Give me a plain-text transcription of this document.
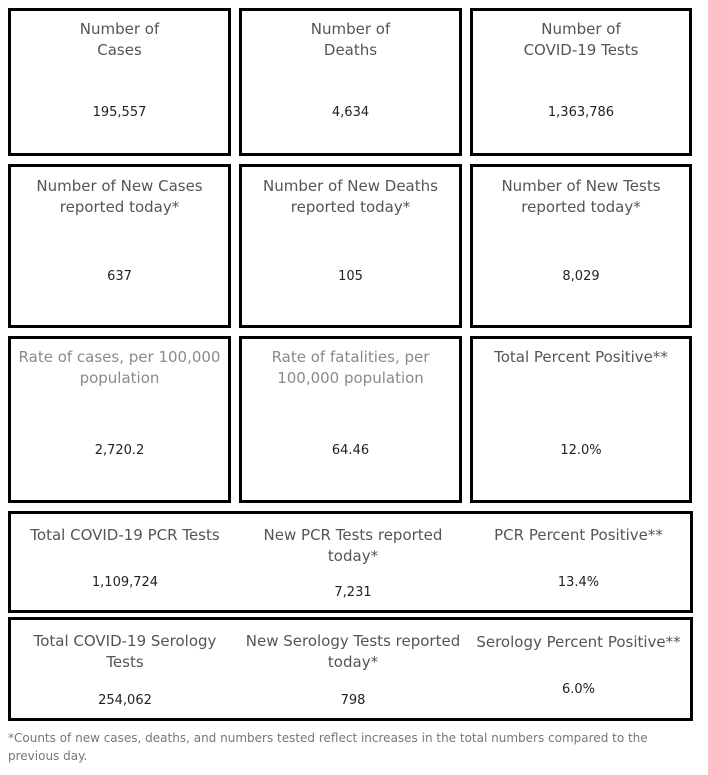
Number of
Cases
195,557
Number of
Deaths
4,634
Number of
COVID-19 Tests
1,363,786
Number of New Cases
reported today*
637
Number of New Deaths
reported today*
105
Number of New Tests
reported today*
8,029
Rate of cases, per 100,000
population
2,720.2
Rate of fatalities, per
100,000 population
64.46
Total Percent Positive**
12.0%
Total COVID-19 PCR Tests
1,109,724
New PCR Tests reported
today*
7,231
PCR Percent Positive**
13.4%
Total COVID-19 Serology
Tests
254,062
New Serology Tests reported
today*
798
Serology Percent Positive**
6.0%
*Counts of new cases, deaths, and numbers tested reflect increases in the total numbers compared to the
previous day.
